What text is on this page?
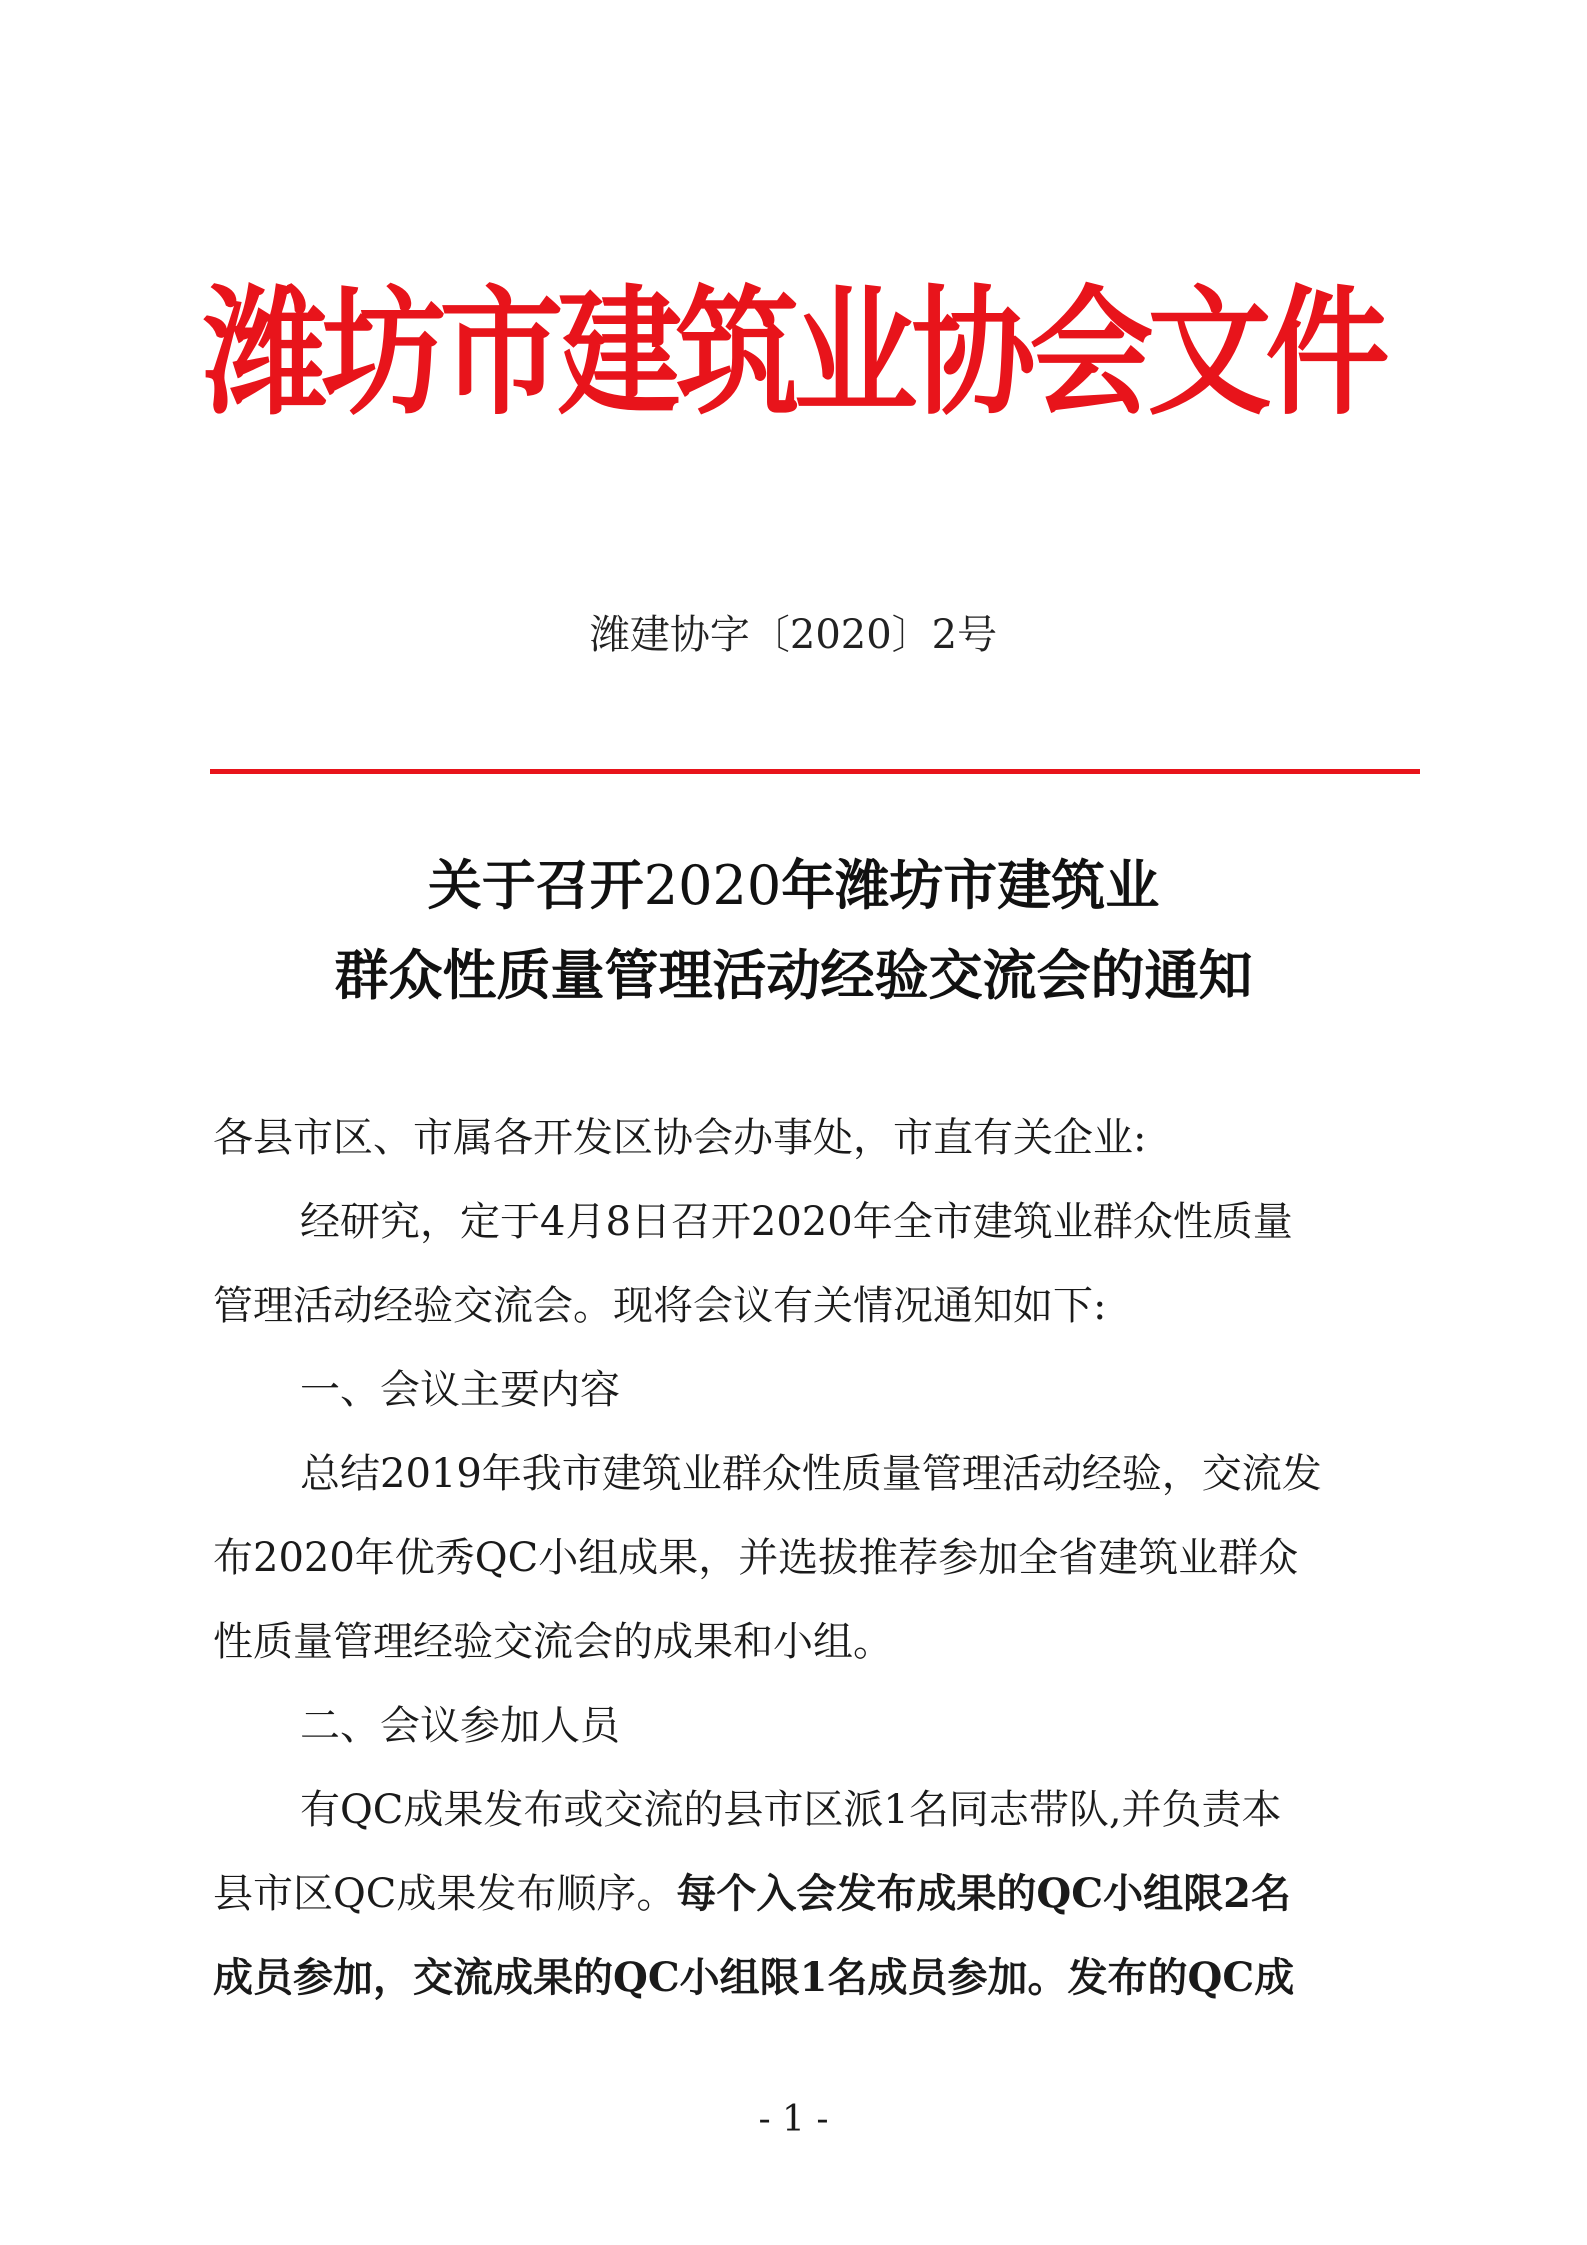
潍坊市建筑业协会文件
潍建协字〔2020〕2号
关于召开2020年潍坊市建筑业
群众性质量管理活动经验交流会的通知
各县市区、市属各开发区协会办事处，市直有关企业:
经研究，定于4月8日召开2020年全市建筑业群众性质量
管理活动经验交流会。现将会议有关情况通知如下:
一、会议主要内容
总结2019年我市建筑业群众性质量管理活动经验，交流发
布2020年优秀QC小组成果，并选拔推荐参加全省建筑业群众
性质量管理经验交流会的成果和小组。
二、会议参加人员
有QC成果发布或交流的县市区派1名同志带队,并负责本
县市区QC成果发布顺序。每个入会发布成果的QC小组限2名
成员参加，交流成果的QC小组限1名成员参加。发布的QC成
- 1 -
